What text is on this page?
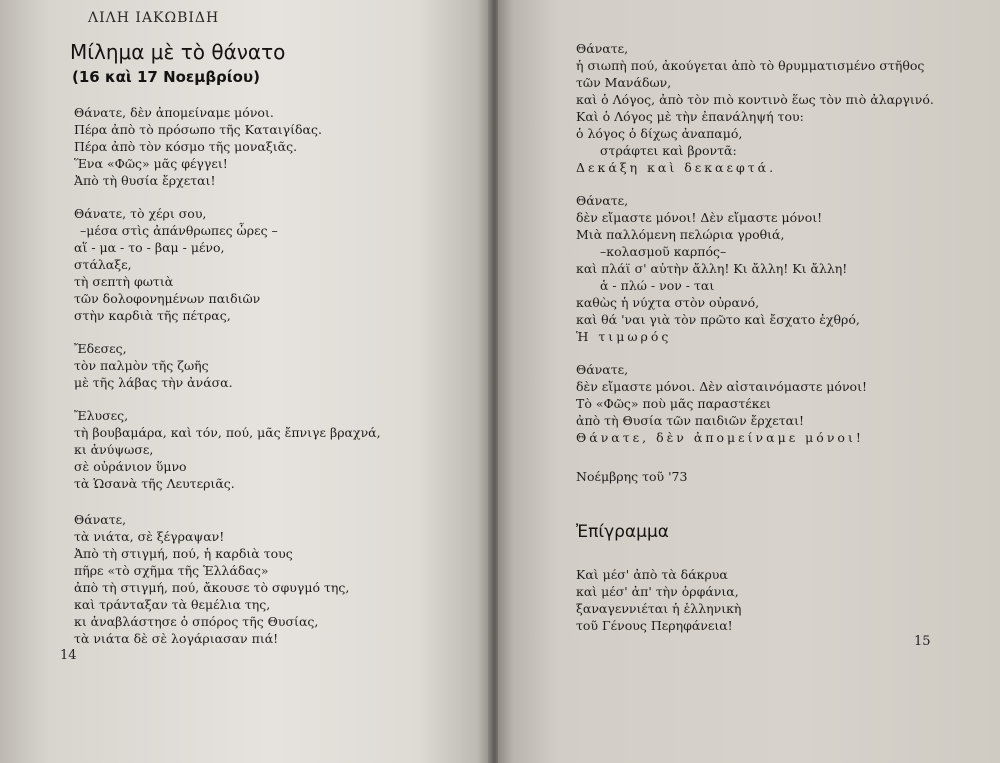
ΛΙΛΗ ΙΑΚΩΒΙΔΗ
Μίλημα μὲ τὸ θάνατο
(16 καὶ 17 Νοεμβρίου)
Θάνατε, δὲν ἀπομείναμε μόνοι.
Πέρα ἀπὸ τὸ πρόσωπο τῆς Καταιγίδας.
Πέρα ἀπὸ τὸν κόσμο τῆς μοναξιᾶς.
Ἕνα «Φῶς» μᾶς φέγγει!
Ἀπὸ τὴ θυσία ἔρχεται!
Θάνατε, τὸ χέρι σου,
–μέσα στὶς ἀπάνθρωπες ὧρες –
αἵ - μα - το - βαμ - μένο,
στάλαξε,
τὴ σεπτὴ φωτιὰ
τῶν δολοφονημένων παιδιῶν
στὴν καρδιὰ τῆς πέτρας,
Ἔδεσες,
τὸν παλμὸν τῆς ζωῆς
μὲ τῆς λάβας τὴν ἀνάσα.
Ἔλυσες,
τὴ βουβαμάρα, καὶ τόν, πού, μᾶς ἔπνιγε βραχνά,
κι ἀνύψωσε,
σὲ οὐράνιον ὕμνο
τὰ Ὡσανὰ τῆς Λευτεριᾶς.
Θάνατε,
τὰ νιάτα, σὲ ξέγραψαν!
Ἀπὸ τὴ στιγμή, πού, ἡ καρδιὰ τους
πῆρε «τὸ σχῆμα τῆς Ἑλλάδας»
ἀπὸ τὴ στιγμή, πού, ἄκουσε τὸ σφυγμό της,
καὶ τράνταξαν τὰ θεμέλια της,
κι ἀναβλάστησε ὁ σπόρος τῆς Θυσίας,
τὰ νιάτα δὲ σὲ λογάριασαν πιά!
14
Θάνατε,
ἡ σιωπὴ πού, ἀκούγεται ἀπὸ τὸ θρυμματισμένο στῆθος
τῶν Μανάδων,
καὶ ὁ Λόγος, ἀπὸ τὸν πιὸ κοντινὸ ἕως τὸν πιὸ ἀλαργινό.
Καὶ ὁ Λόγος μὲ τὴν ἐπανάληψή του:
ὁ λόγος ὁ δίχως ἀναπαμό,
στράφτει καὶ βροντᾶ:
Δεκάξη καὶ δεκαεφτά.
Θάνατε,
δὲν εἴμαστε μόνοι! Δὲν εἴμαστε μόνοι!
Μιὰ παλλόμενη πελώρια γροθιά,
–κολασμοῦ καρπός–
καὶ πλάϊ σ' αὐτὴν ἄλλη! Κι ἄλλη! Κι ἄλλη!
ἁ - πλώ - νον - ται
καθὼς ἡ νύχτα στὸν οὐρανό,
καὶ θά 'ναι γιὰ τὸν πρῶτο καὶ ἔσχατο ἐχθρό,
Ἡ τιμωρός
Θάνατε,
δὲν εἴμαστε μόνοι. Δὲν αἰσταινόμαστε μόνοι!
Τὸ «Φῶς» ποὺ μᾶς παραστέκει
ἀπὸ τὴ Θυσία τῶν παιδιῶν ἔρχεται!
Θάνατε, δὲν ἀπομείναμε μόνοι!
Νοέμβρης τοῦ '73
Ἐπίγραμμα
Καὶ μέσ' ἀπὸ τὰ δάκρυα
καὶ μέσ' ἀπ' τὴν ὀρφάνια,
ξαναγεννιέται ἡ ἑλληνικὴ
τοῦ Γένους Περηφάνεια!
15
